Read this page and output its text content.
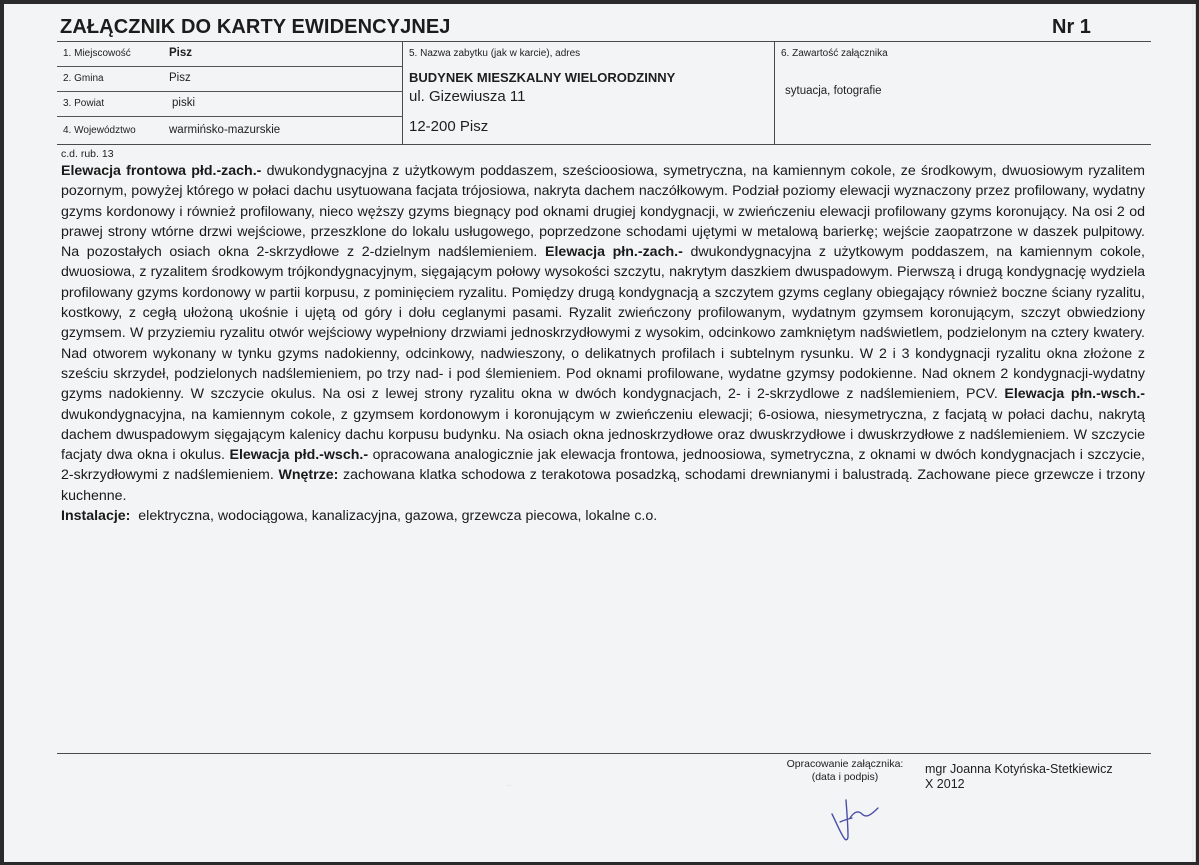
ZAŁĄCZNIK DO KARTY EWIDENCYJNEJ	Nr 1
1. Miejscowość	Pisz
2. Gmina	Pisz
3. Powiat	piski
4. Województwo	warmińsko-mazurskie
5. Nazwa zabytku (jak w karcie), adres
BUDYNEK MIESZKALNY WIELORODZINNY
ul. Gizewiusza 11
12-200 Pisz
6. Zawartość załącznika
sytuacja, fotografie
c.d. rub. 13

Elewacja frontowa płd.-zach.- dwukondygnacyjna z użytkowym poddaszem, sześcioosiowa, symetryczna, na kamiennym cokole, ze środkowym, dwuosiowym ryzalitem pozornym, powyżej którego w połaci dachu usytuowana facjata trójosiowa, nakryta dachem naczółkowym. Podział poziomy elewacji wyznaczony przez profilowany, wydatny gzyms kordonowy i również profilowany, nieco węższy gzyms biegnący pod oknami drugiej kondygnacji, w zwieńczeniu elewacji profilowany gzyms koronujący. Na osi 2 od prawej strony wtórne drzwi wejściowe, przeszklone do lokalu usługowego, poprzedzone schodami ujętymi w metalową barierkę; wejście zaopatrzone w daszek pulpitowy. Na pozostałych osiach okna 2-skrzydłowe z 2-dzielnym nadślemieniem. Elewacja płn.-zach.- dwukondygnacyjna z użytkowym poddaszem, na kamiennym cokole, dwuosiowa, z ryzalitem środkowym trójkondygnacyjnym, sięgającym połowy wysokości szczytu, nakrytym daszkiem dwuspadowym. Pierwszą i drugą kondygnację wydziela profilowany gzyms kordonowy w partii korpusu, z pominięciem ryzalitu. Pomiędzy drugą kondygnacją a szczytem gzyms ceglany obiegający również boczne ściany ryzalitu, kostkowy, z cegłą ułożoną ukośnie i ujętą od góry i dołu ceglanymi pasami. Ryzalit zwieńczony profilowanym, wydatnym gzymsem koronującym, szczyt obwiedziony gzymsem. W przyziemiu ryzalitu otwór wejściowy wypełniony drzwiami jednoskrzydłowymi z wysokim, odcinkowo zamkniętym nadświetlem, podzielonym na cztery kwatery. Nad otworem wykonany w tynku gzyms nadokienny, odcinkowy, nadwieszony, o delikatnych profilach i subtelnym rysunku. W 2 i 3 kondygnacji ryzalitu okna złożone z sześciu skrzydeł, podzielonych nadślemieniem, po trzy nad- i pod ślemieniem. Pod oknami profilowane, wydatne gzymsy podokienne. Nad oknem 2 kondygnacji-wydatny gzyms nadokienny. W szczycie okulus. Na osi z lewej strony ryzalitu okna w dwóch kondygnacjach, 2- i 2-skrzydlowe z nadślemieniem, PCV. Elewacja płn.-wsch.- dwukondygnacyjna, na kamiennym cokole, z gzymsem kordonowym i koronującym w zwieńczeniu elewacji; 6-osiowa, niesymetryczna, z facjatą w połaci dachu, nakrytą dachem dwuspadowym sięgającym kalenicy dachu korpusu budynku. Na osiach okna jednoskrzydłowe oraz dwuskrzydłowe i dwuskrzydłowe z nadślemieniem. W szczycie facjaty dwa okna i okulus. Elewacja płd.-wsch.- opracowana analogicznie jak elewacja frontowa, jednoosiowa, symetryczna, z oknami w dwóch kondygnacjach i szczycie, 2-skrzydłowymi z nadślemieniem. Wnętrze: zachowana klatka schodowa z terakotowa posadzką, schodami drewnianymi i balustradą. Zachowane piece grzewcze i trzony kuchenne.

Instalacje:  elektryczna, wodociągowa, kanalizacyjna, gazowa, grzewcza piecowa, lokalne c.o.

··
Opracowanie załącznika:
(data i podpis)
mgr Joanna Kotyńska-Stetkiewicz
X 2012
